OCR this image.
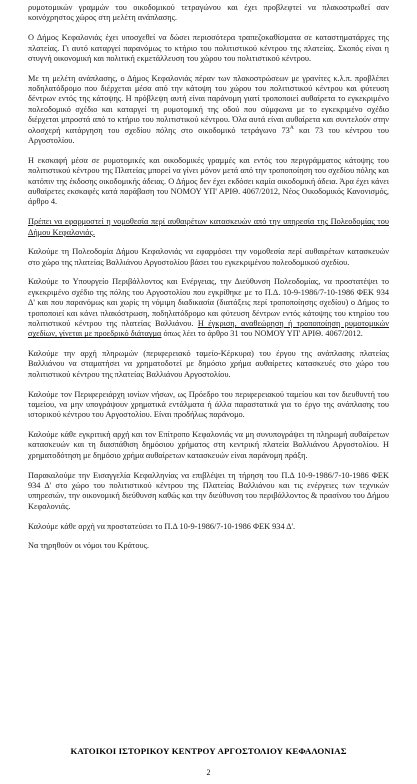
ρυμοτομικών γραμμών του οικοδομικού τετραγώνου και έχει προβλεφτεί να πλακοστρωθεί σαν κοινόχρηστος χώρος στη μελέτη ανάπλασης.

Ο Δήμος Κεφαλονιάς έχει υποσχεθεί να δώσει περισσότερα τραπεζοκαθίσματα σε καταστηματάρχες της πλατείας. Γι αυτό καταργεί παρανόμως το κτήριο του πολιτιστικού κέντρου της πλατείας. Σκοπός είναι η στυγνή οικονομική και πολιτική εκμετάλλευση του χώρου του πολιτιστικού κέντρου.

Με τη μελέτη ανάπλασης, ο Δήμος Κεφαλονιάς πέραν των πλακοστρώσεων με γρανίτες κ.λ.π. προβλέπει ποδηλατόδρομο που διέρχεται μέσα από την κάτοψη του χώρου του πολιτιστικού κέντρου και φύτευση δέντρων εντός της κάτοψης. Η πρόβλεψη αυτή είναι παράνομη γιατί τροποποιεί αυθαίρετα το εγκεκριμένο πολεοδομικό σχέδιο και καταργεί τη ρυμοτομική της οδού που σύμφωνα με το εγκεκριμένο σχέδιο διέρχεται μπροστά από το κτήριο του πολιτιστικού κέντρου. Όλα αυτά είναι αυθαίρετα και συντελούν στην ολοσχερή κατάργηση του σχεδίου πόλης στο οικοδομικό τετράγωνο $73^A$ και 73 του κέντρου του Αργοστολίου.

Η εκσκαφή μέσα σε ρυμοτομικές και οικοδομικές γραμμές και εντός του περιγράμματος κάτοψης του πολιτιστικού κέντρου της Πλατείας μπορεί να γίνει μόνον μετά από την τροποποίηση του σχεδίου πόλης και κατόπιν της έκδοσης οικοδομικής άδειας. Ο Δήμος δεν έχει εκδόσει καμία οικοδομική άδεια. Άρα έχει κάνει αυθαίρετες εκσκαφές κατά παράβαση του ΝΟΜΟΥ ΥΠ' ΑΡΙΘ. 4067/2012, Νέος Οικοδομικός Κανονισμός, άρθρο 4.

Πρέπει να εφαρμοστεί η νομοθεσία περί αυθαιρέτων κατασκευών από την υπηρεσία της Πολεοδομίας του Δήμου Κεφαλονιάς.

Καλούμε τη Πολεοδομία Δήμου Κεφαλονιάς να εφαρμόσει την νομοθεσία περί αυθαιρέτων κατασκευών στο χώρο της πλατείας Βαλλιάνου Αργοστολίου βάσει του εγκεκριμένου πολεοδομικού σχεδίου.

Καλούμε το Υπουργείο Περιβάλλοντος και Ενέργειας, την Διεύθυνση Πολεοδομίας, να προστατέψει το εγκεκριμένο σχέδιο της πόλης του Αργοστολίου που εγκρίθηκε με το Π.Δ. 10-9-1986/7-10-1986 ΦΕΚ 934 Δ' και που παρανόμως και χωρίς τη νόμιμη διαδικασία (διατάξεις περί τροποποίησης σχεδίου) ο Δήμος το τροποποιεί και κάνει πλακόστρωση, ποδηλατόδρομο και φύτευση δέντρων εντός κάτοψης του κτηρίου του πολιτιστικού κέντρου της πλατείας Βαλλιάνου. Η έγκριση, αναθεώρηση ή τροποποίηση ρυμοτομικών σχεδίων, γίνεται με προεδρικό διάταγμα όπως λέει το άρθρο 31 του ΝΟΜΟΥ ΥΠ' ΑΡΙΘ. 4067/2012.

Καλούμε την αρχή πληρωμών (περιφερειακό ταμείο-Κέρκυρα) του έργου της ανάπλασης πλατείας Βαλλιάνου να σταματήσει να χρηματοδοτεί με δημόσιο χρήμα αυθαίρετες κατασκευές στο χώρο του πολιτιστικού κέντρου της πλατείας Βαλλιάνου Αργοστολίου.

Καλούμε τον Περιφερειάρχη ιονίων νήσων, ως Πρόεδρο του περιφερειακού ταμείου και τον διευθυντή του ταμείου, να μην υπογράψουν χρηματικά εντάλματα ή άλλα παραστατικά για το έργο της ανάπλασης του ιστορικού κέντρου του Αργοστολίου. Είναι προδήλως παράνομο.

Καλούμε κάθε εγκριτική αρχή και τον Επίτροπο Κεφαλονιάς να μη συνυπογράψει τη πληρωμή αυθαίρετων κατασκευών και τη διασπάθιση δημόσιου χρήματος στη κεντρική πλατεία Βαλλιάνου Αργοστολίου. Η χρηματοδότηση με δημόσιο χρήμα αυθαίρετων κατασκευών είναι παράνομη πράξη.

Παρακαλούμε την Εισαγγελία Κεφαλληνίας να επιβλέψει τη τήρηση του Π.Δ 10-9-1986/7-10-1986 ΦΕΚ 934 Δ' στο χώρο του πολιτιστικού κέντρου της Πλατείας Βαλλιάνου και τις ενέργειες των τεχνικών υπηρεσιών, την οικονομική διεύθυνση καθώς και την διεύθυνση του περιβάλλοντος & πρασίνου του Δήμου Κεφαλονιάς.

Καλούμε κάθε αρχή να προστατεύσει το Π.Δ 10-9-1986/7-10-1986 ΦΕΚ 934 Δ'.

Να τηρηθούν οι νόμοι του Κράτους.

ΚΑΤΟΙΚΟΙ ΙΣΤΟΡΙΚΟΥ ΚΕΝΤΡΟΥ ΑΡΓΟΣΤΟΛΙΟΥ ΚΕΦΑΛΟΝΙΑΣ
2
